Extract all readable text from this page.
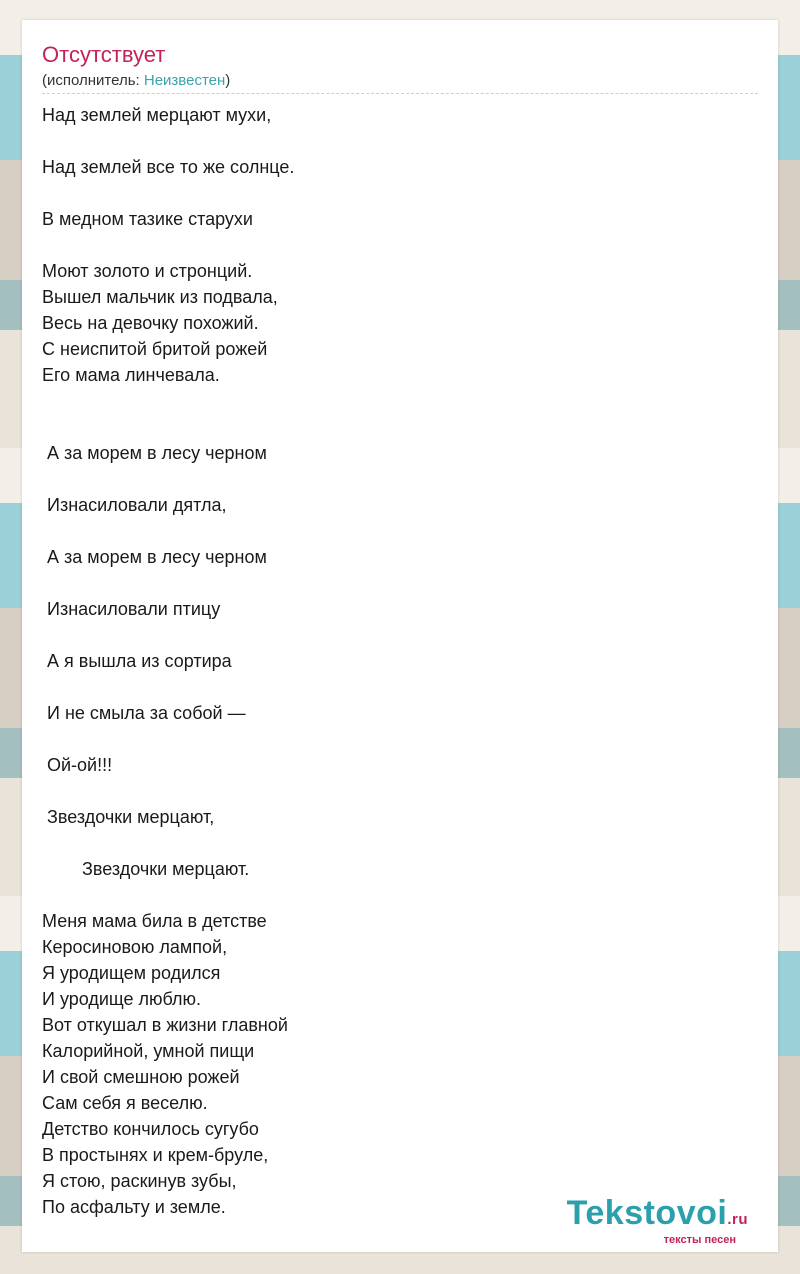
Отсутствует
(исполнитель: Неизвестен)
Над землей мерцают мухи,
Над землей все то же солнце.
В медном тазике старухи
Моют золото и стронций.
Вышел мальчик из подвала,
Весь на девочку похожий.
С неиспитой бритой рожей
Его мама линчевала.
А за морем в лесу черном
Изнасиловали дятла,
А за морем в лесу черном
Изнасиловали птицу
А я вышла из сортира
И не смыла за собой —
Ой-ой!!!
Звездочки мерцают,
Звездочки мерцают.
Меня мама била в детстве
Керосиновою лампой,
Я уродищем родился
И уродище люблю.
Вот откушал в жизни главной
Калорийной, умной пищи
И свой смешною рожей
Сам себя я веселю.
Детство кончилось сугубо
В простынях и крем-бруле,
Я стою, раскинув зубы,
По асфальту и земле.	Tekstovoi.ru
тексты песен
